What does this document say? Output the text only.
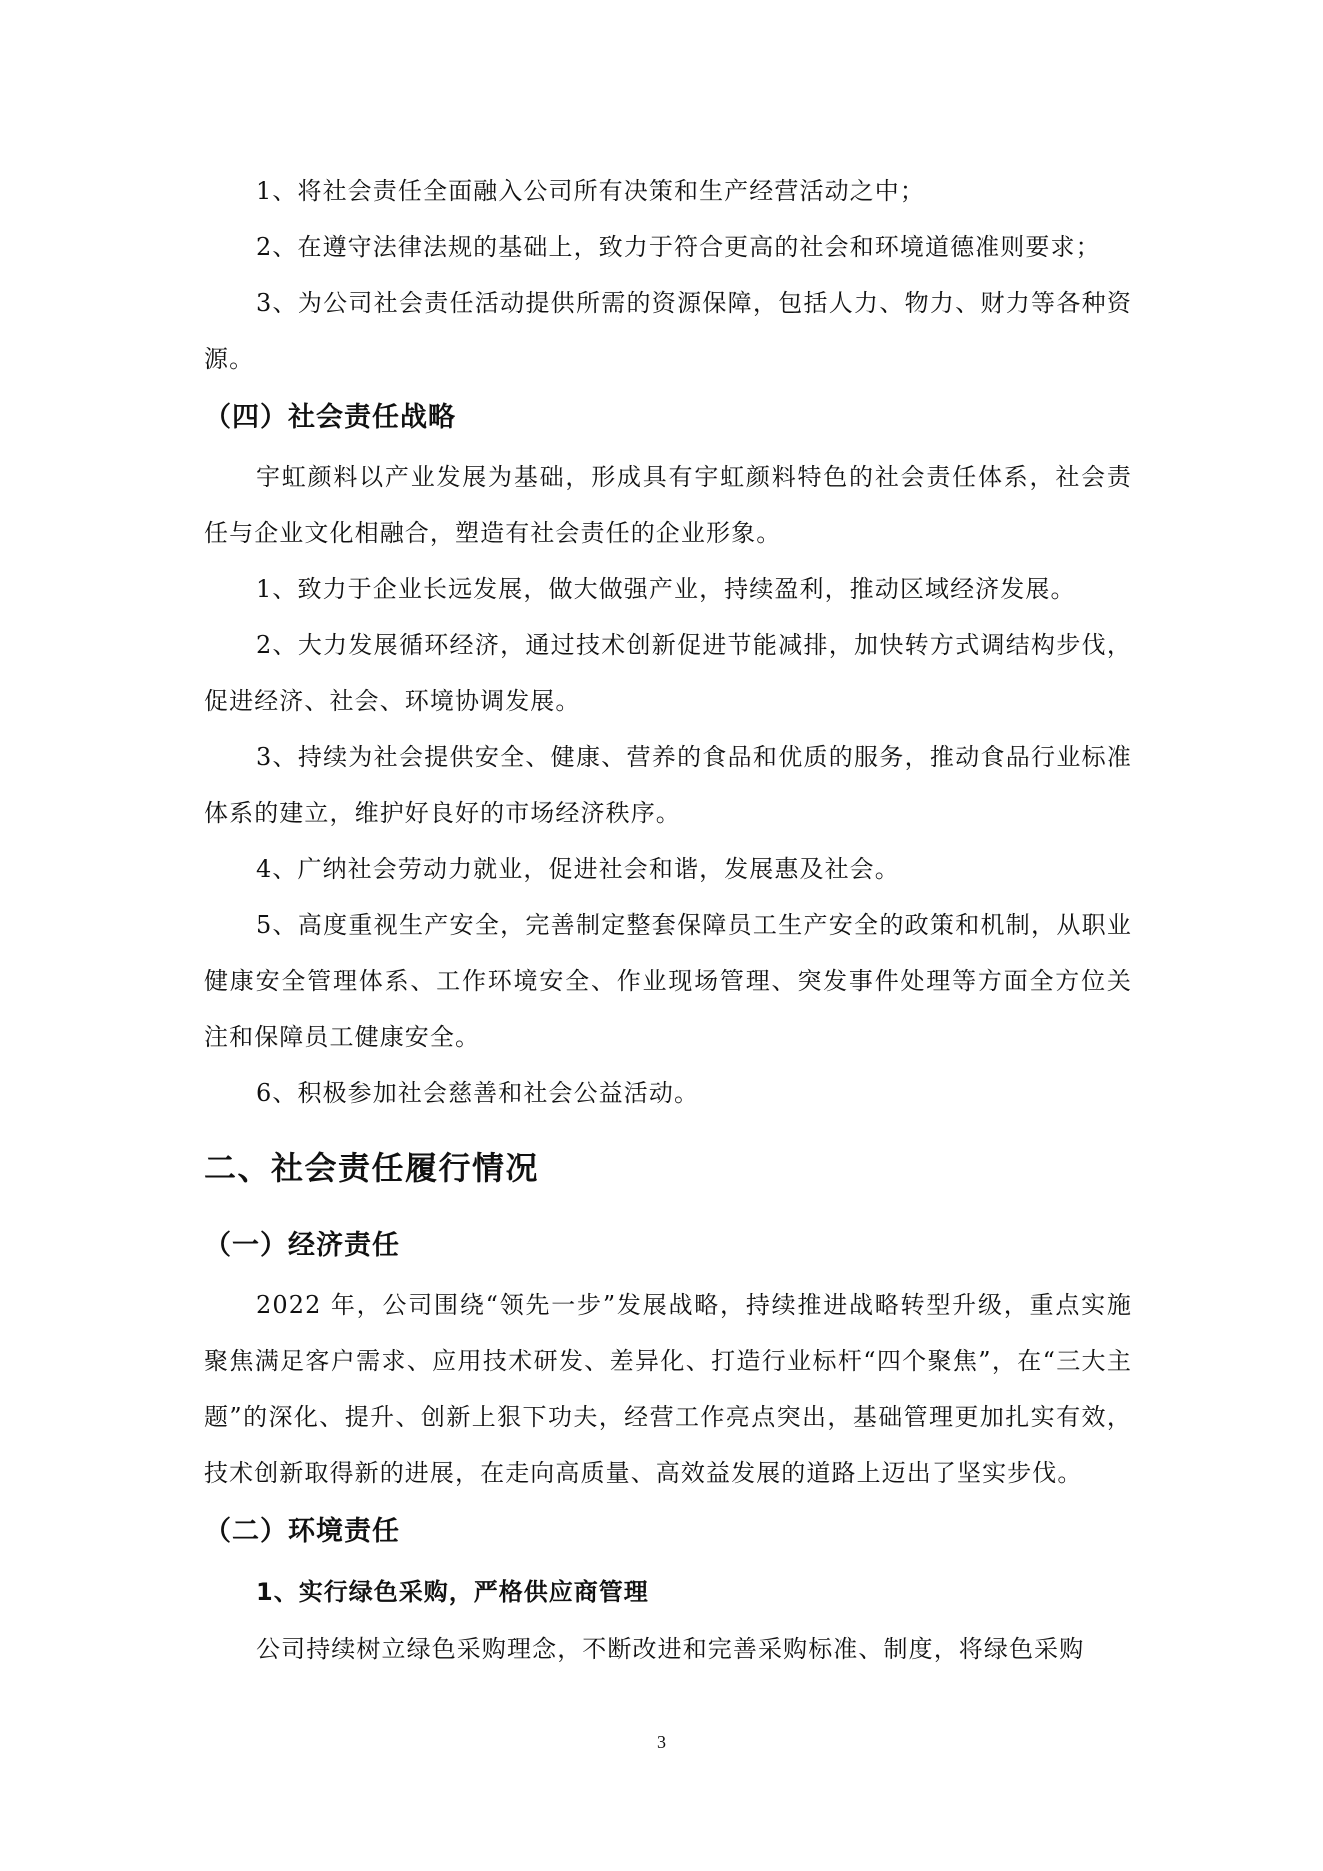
1、将社会责任全面融入公司所有决策和生产经营活动之中；

2、在遵守法律法规的基础上，致力于符合更高的社会和环境道德准则要求；

3、为公司社会责任活动提供所需的资源保障，包括人力、物力、财力等各种资源。

（四）社会责任战略

宇虹颜料以产业发展为基础，形成具有宇虹颜料特色的社会责任体系，社会责任与企业文化相融合，塑造有社会责任的企业形象。

1、致力于企业长远发展，做大做强产业，持续盈利，推动区域经济发展。

2、大力发展循环经济，通过技术创新促进节能减排，加快转方式调结构步伐，促进经济、社会、环境协调发展。

3、持续为社会提供安全、健康、营养的食品和优质的服务，推动食品行业标准体系的建立，维护好良好的市场经济秩序。

4、广纳社会劳动力就业，促进社会和谐，发展惠及社会。

5、高度重视生产安全，完善制定整套保障员工生产安全的政策和机制，从职业健康安全管理体系、工作环境安全、作业现场管理、突发事件处理等方面全方位关注和保障员工健康安全。

6、积极参加社会慈善和社会公益活动。

二、社会责任履行情况
（一）经济责任

2022 年，公司围绕“领先一步”发展战略，持续推进战略转型升级，重点实施聚焦满足客户需求、应用技术研发、差异化、打造行业标杆“四个聚焦”，在“三大主题”的深化、提升、创新上狠下功夫，经营工作亮点突出，基础管理更加扎实有效，技术创新取得新的进展，在走向高质量、高效益发展的道路上迈出了坚实步伐。

（二）环境责任
1、实行绿色采购，严格供应商管理

公司持续树立绿色采购理念，不断改进和完善采购标准、制度，将绿色采购

3
